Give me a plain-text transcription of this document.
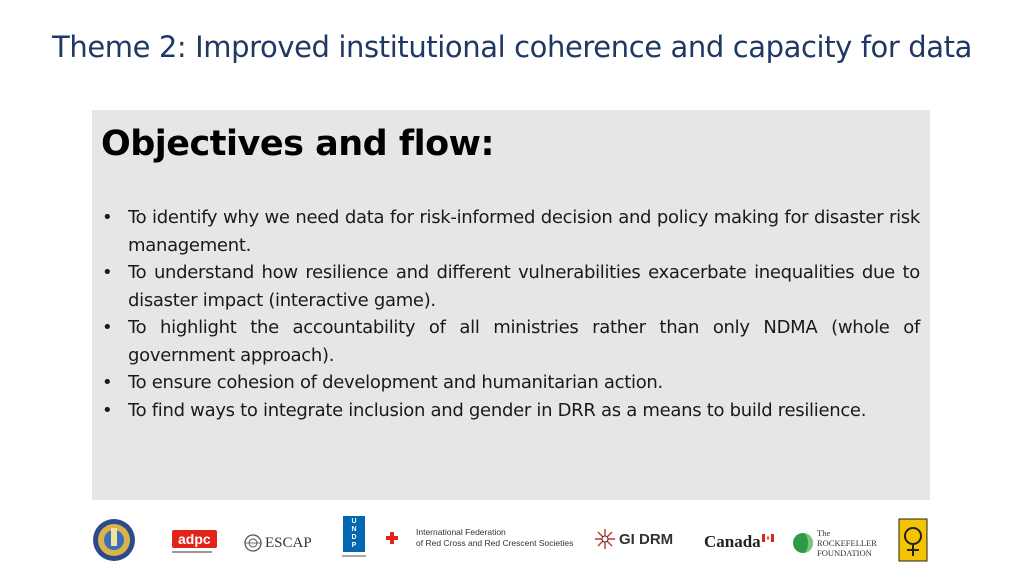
Theme 2: Improved institutional coherence and capacity for data
Objectives and flow:
• To identify why we need data for risk-informed decision and policy making for disaster risk management.
• To understand how resilience and different vulnerabilities exacerbate inequalities due to disaster impact (interactive game).
• To highlight the accountability of all ministries rather than only NDMA (whole of government approach).
• To ensure cohesion of development and humanitarian action.
• To find ways to integrate inclusion and gender in DRR as a means to build resilience.
adpc	ESCAP
U
N
D
P
International Federation
of Red Cross and Red Crescent Societies	GI DRM Canada	The
ROCKEFELLER
FOUNDATION
